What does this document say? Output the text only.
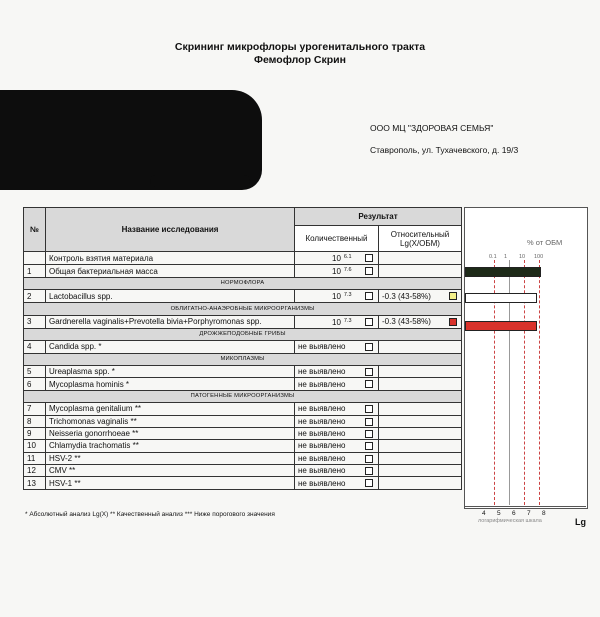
Скрининг микрофлоры урогенитального тракта
Фемофлор Скрин
ООО МЦ "ЗДОРОВАЯ СЕМЬЯ"
Ставрополь, ул. Тухачевского, д. 19/3
№	Название исследования	Результат	
		Количественный	Относительный Lg(X/ОБМ)
	Контроль взятия материала	10 $^{6.1}$

1	Общая бактериальная масса	10 $^{7.6}$

НОРМОФЛОРА			
2	Lactobacillus spp.	10 $^{7.3}$	-0.3 (43-58%)

ОБЛИГАТНО-АНАЭРОБНЫЕ МИКРООРГАНИЗМЫ			
3	Gardnerella vaginalis+Prevotella bivia+Porphyromonas spp.	10 $^{7.3}$	-0.3 (43-58%)

ДРОЖЖЕПОДОБНЫЕ ГРИБЫ			
4	Candida spp. *	не выявлено

МИКОПЛАЗМЫ			
5	Ureaplasma spp. *	не выявлено

6	Mycoplasma hominis *	не выявлено

ПАТОГЕННЫЕ МИКРООРГАНИЗМЫ			
7	Mycoplasma genitalium **	не выявлено

8	Trichomonas vaginalis **	не выявлено

9	Neisseria gonorrhoeae **	не выявлено

10	Chlamydia trachomatis **	не выявлено

11	HSV-2 **	не выявлено

12	CMV **	не выявлено

13	HSV-1 **	не выявлено

% от ОБМ
0.1 1 10 100
логарифмическая шкала	Lg
* Абсолютный анализ Lg(X) ** Качественный анализ *** Ниже порогового значения	4 5 6 7 8
